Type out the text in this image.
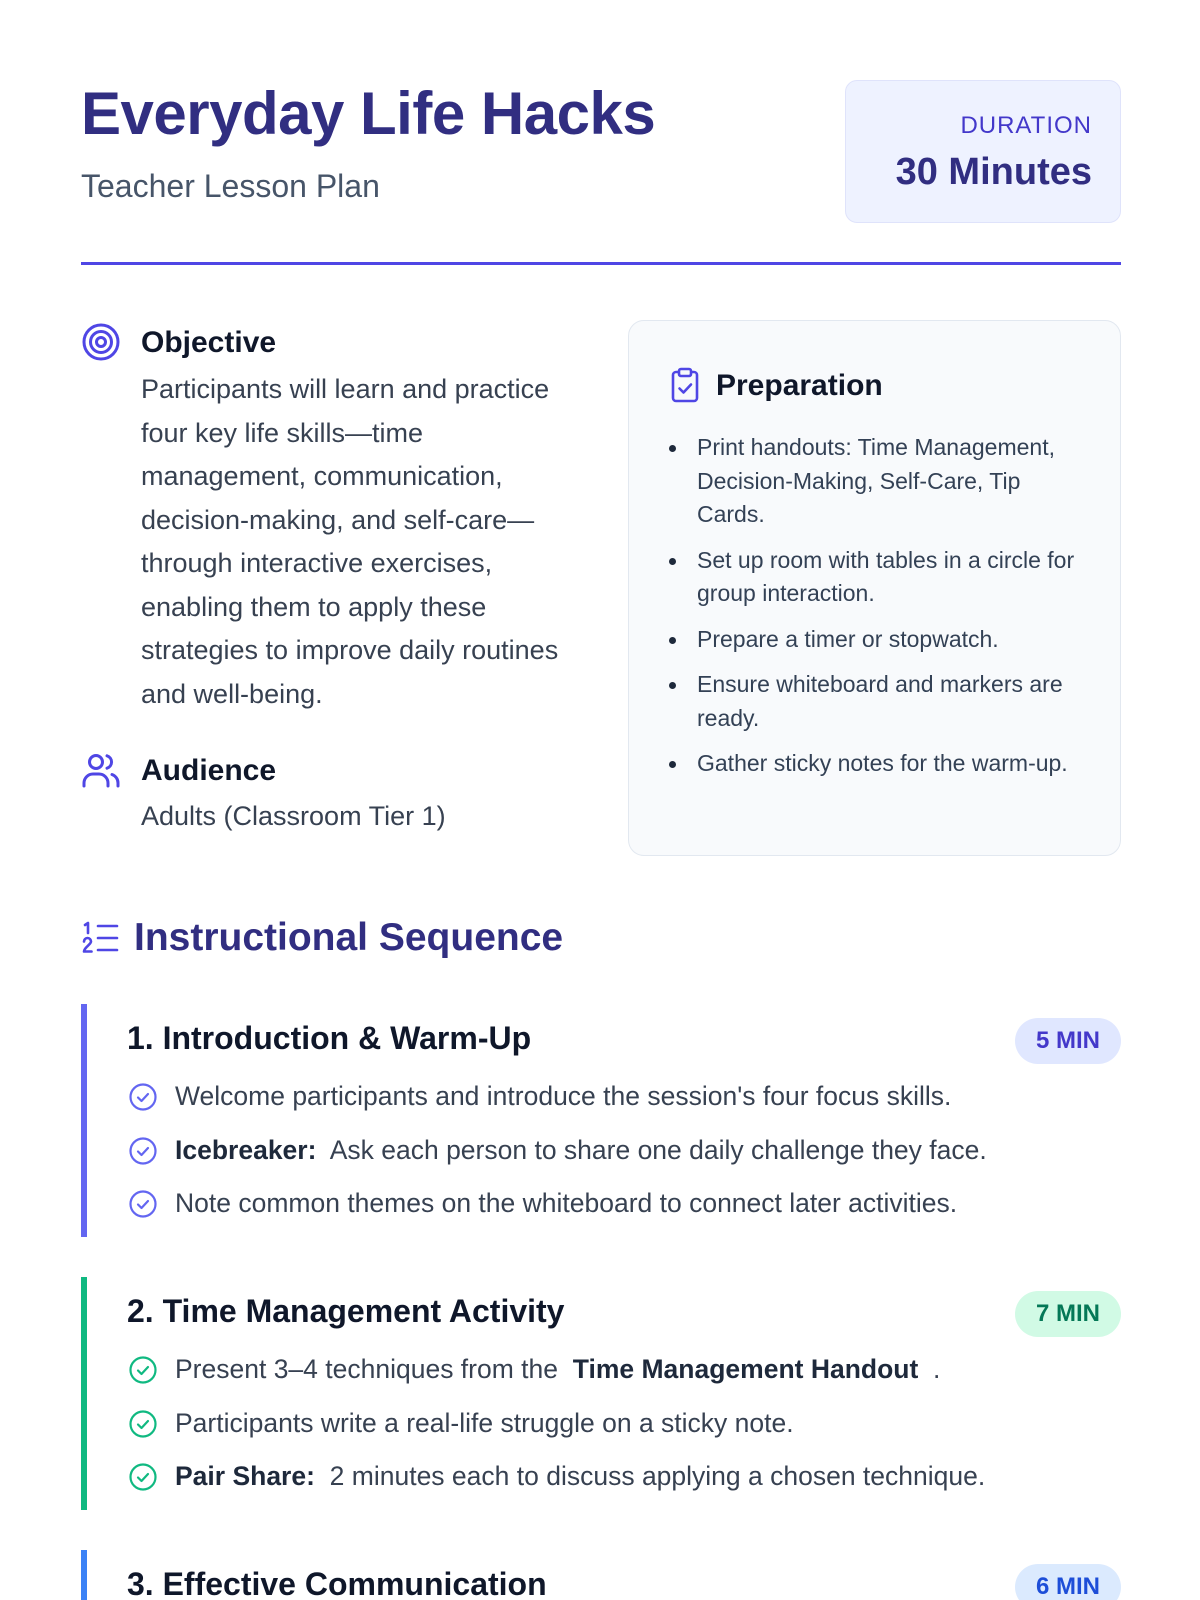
Everyday Life Hacks
Teacher Lesson Plan
DURATION
30 Minutes
Objective

Participants will learn and practice four key life skills—time management, communication, decision-making, and self-care—through interactive exercises, enabling them to apply these strategies to improve daily routines and well-being.

Audience
Adults (Classroom Tier 1)
Preparation
Print handouts: Time Management, Decision-Making, Self-Care, Tip Cards.
Set up room with tables in a circle for group interaction.
Prepare a timer or stopwatch.
Ensure whiteboard and markers are ready.
Gather sticky notes for the warm-up.
Instructional Sequence
1. Introduction & Warm-Up	5 MIN
Welcome participants and introduce the session's four focus skills.
Icebreaker: Ask each person to share one daily challenge they face.
Note common themes on the whiteboard to connect later activities.
2. Time Management Activity	7 MIN
Present 3–4 techniques from the Time Management Handout .
Participants write a real-life struggle on a sticky note.
Pair Share: 2 minutes each to discuss applying a chosen technique.
3. Effective Communication	6 MIN
